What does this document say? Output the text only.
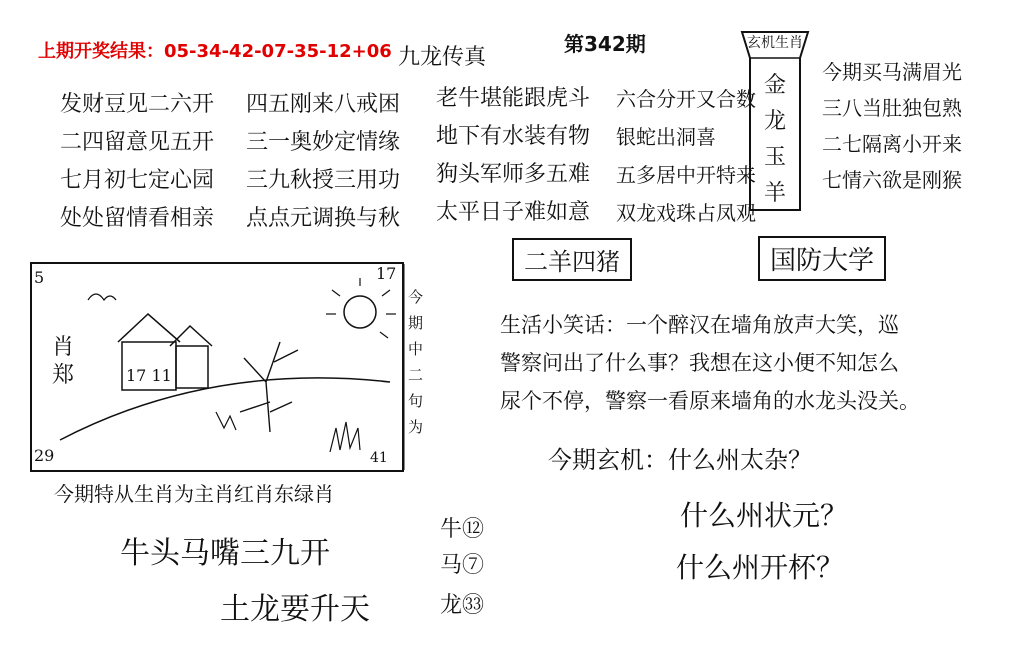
上期开奖结果：05-34-42-07-35-12+06	第342期
九龙传真
发财豆见二六开
二四留意见五开
七月初七定心园
处处留情看相亲
四五刚来八戒困
三一奥妙定情缘
三九秋授三用功
点点元调换与秋
老牛堪能跟虎斗
地下有水装有物
狗头军师多五难
太平日子难如意
六合分开又合数
银蛇出洞喜
五多居中开特来
双龙戏珠占凤观
玄机生肖
金
龙
玉
羊
今期买马满眉光
三八当肚独包熟
二七隔离小开来
七情六欲是刚猴
5	17
29	41
17 11
肖郑
今期中二句为
今期特从生肖为主肖红肖东绿肖
牛头马嘴三九开
土龙要升天
牛⑫
马⑦
龙㉝
二羊四猪	国防大学
生活小笑话：一个醉汉在墙角放声大笑，巡
警察问出了什么事？我想在这小便不知怎么
尿个不停，警察一看原来墙角的水龙头没关。
今期玄机：什么州太杂？
什么州状元？
什么州开杯？
